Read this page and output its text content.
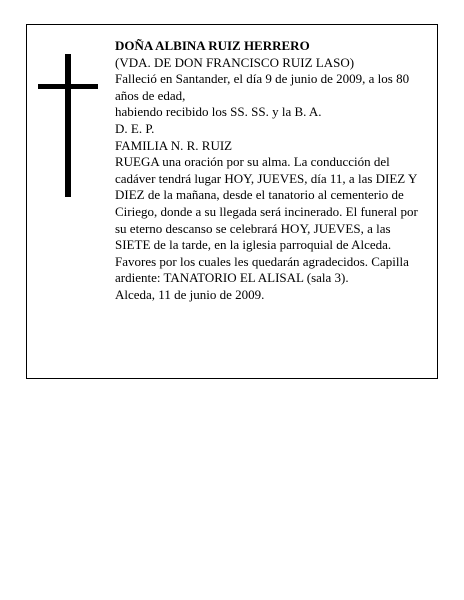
DOÑA ALBINA RUIZ HERRERO

(VDA. DE DON FRANCISCO RUIZ LASO)

Falleció en Santander, el día 9 de junio de 2009, a los 80 años de edad,

habiendo recibido los SS. SS. y la B. A.

D. E. P.

FAMILIA N. R. RUIZ

RUEGA una oración por su alma. La conducción del cadáver tendrá lugar HOY, JUEVES, día 11, a las DIEZ Y DIEZ de la mañana, desde el tanatorio al cementerio de Ciriego, donde a su llegada será incinerado. El funeral por su eterno descanso se celebrará HOY, JUEVES, a las SIETE de la tarde, en la iglesia parroquial de Alceda. Favores por los cuales les quedarán agradecidos. Capilla ardiente: TANATORIO EL ALISAL (sala 3).

Alceda, 11 de junio de 2009.
